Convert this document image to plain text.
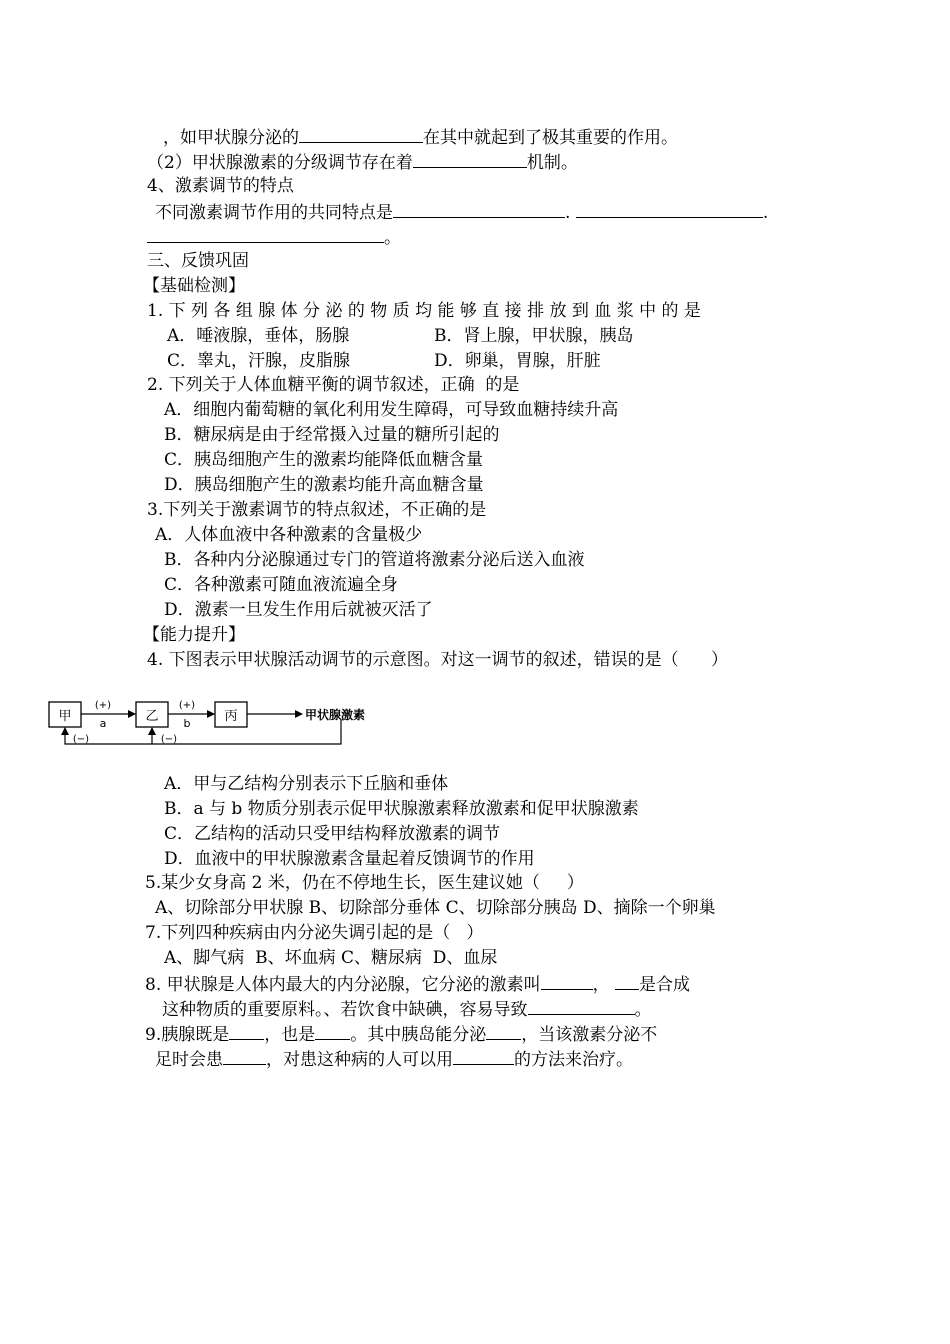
，如甲状腺分泌的	在其中就起到了极其重要的作用。
（2）甲状腺激素的分级调节存在着	机制。
4、激素调节的特点
不同激素调节作用的共同特点是	.	.
。
三、反馈巩固
【基础检测】
1. 下 列 各 组 腺 体 分 泌 的 物 质 均 能 够 直 接 排 放 到 血 浆 中 的 是
A．唾液腺，垂体，肠腺	B．肾上腺，甲状腺，胰岛
C．睾丸，汗腺，皮脂腺	D．卵巢，胃腺，肝脏
2. 下列关于人体血糖平衡的调节叙述，正确  的是
A．细胞内葡萄糖的氧化利用发生障碍，可导致血糖持续升高
B．糖尿病是由于经常摄入过量的糖所引起的
C．胰岛细胞产生的激素均能降低血糖含量
D．胰岛细胞产生的激素均能升高血糖含量
3.下列关于激素调节的特点叙述，不正确的是
A．人体血液中各种激素的含量极少
B．各种内分泌腺通过专门的管道将激素分泌后送入血液
C．各种激素可随血液流遍全身
D．激素一旦发生作用后就被灭活了
【能力提升】
4. 下图表示甲状腺活动调节的示意图。对这一调节的叙述，错误的是（      ）
甲	乙	丙
(+)
a
(+)
b
甲状腺激素
(−)	(−)
A．甲与乙结构分别表示下丘脑和垂体
B．a 与 b 物质分别表示促甲状腺激素释放激素和促甲状腺激素
C．乙结构的活动只受甲结构释放激素的调节
D．血液中的甲状腺激素含量起着反馈调节的作用
5.某少女身高 2 米，仍在不停地生长，医生建议她（     ）
A、切除部分甲状腺 B、切除部分垂体 C、切除部分胰岛 D、摘除一个卵巢
7.下列四种疾病由内分泌失调引起的是（   ）
A、脚气病  B、坏血病 C、糖尿病  D、血尿
8. 甲状腺是人体内最大的内分泌腺，它分泌的激素叫	， 是合成
这种物质的重要原料。、若饮食中缺碘，容易导致	。
9.胰腺既是 ，也是 。其中胰岛能分泌 ，当该激素分泌不
足时会患	，对患这种病的人可以用	的方法来治疗。
